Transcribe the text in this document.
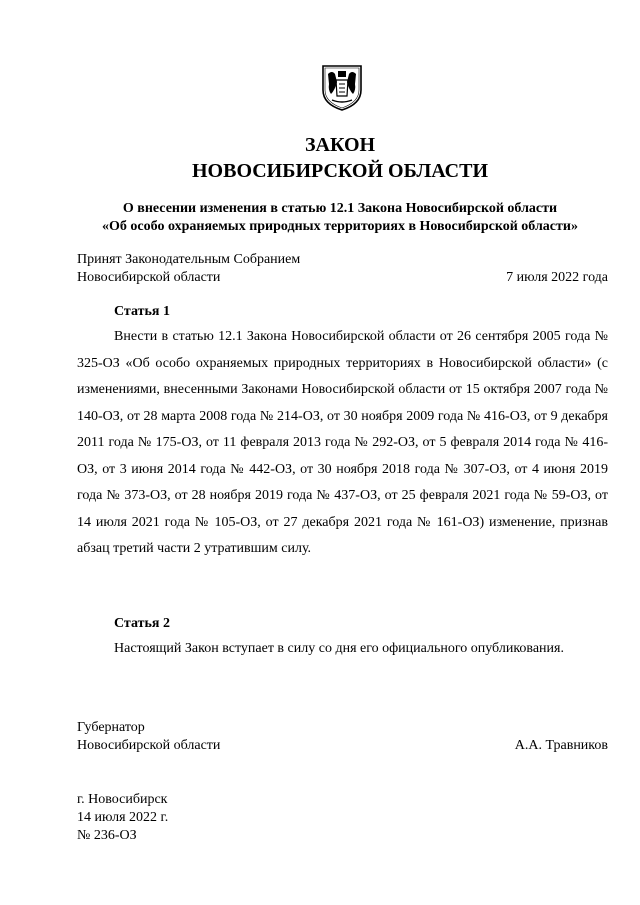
ЗАКОН
НОВОСИБИРСКОЙ ОБЛАСТИ
О внесении изменения в статью 12.1 Закона Новосибирской области
«Об особо охраняемых природных территориях в Новосибирской области»
Принят Законодательным Собранием
Новосибирской области	7 июля 2022 года
Статья 1
Внести в статью 12.1 Закона Новосибирской области от 26 сентября 2005 года № 325-ОЗ «Об особо охраняемых природных территориях в Новосибирской области» (с изменениями, внесенными Законами Новосибирской области от 15 октября 2007 года № 140-ОЗ, от 28 марта 2008 года № 214-ОЗ, от 30 ноября 2009 года № 416-ОЗ, от 9 декабря 2011 года № 175-ОЗ, от 11 февраля 2013 года № 292-ОЗ, от 5 февраля 2014 года № 416-ОЗ, от 3 июня 2014 года № 442-ОЗ, от 30 ноября 2018 года № 307-ОЗ, от 4 июня 2019 года № 373-ОЗ, от 28 ноября 2019 года № 437-ОЗ, от 25 февраля 2021 года № 59-ОЗ, от 14 июля 2021 года № 105-ОЗ, от 27 декабря 2021 года № 161-ОЗ) изменение, признав абзац третий части 2 утратившим силу.
Статья 2
Настоящий Закон вступает в силу со дня его официального опубликования.
Губернатор
Новосибирской области	А.А. Травников
г. Новосибирск
14 июля 2022 г.
№ 236-ОЗ
